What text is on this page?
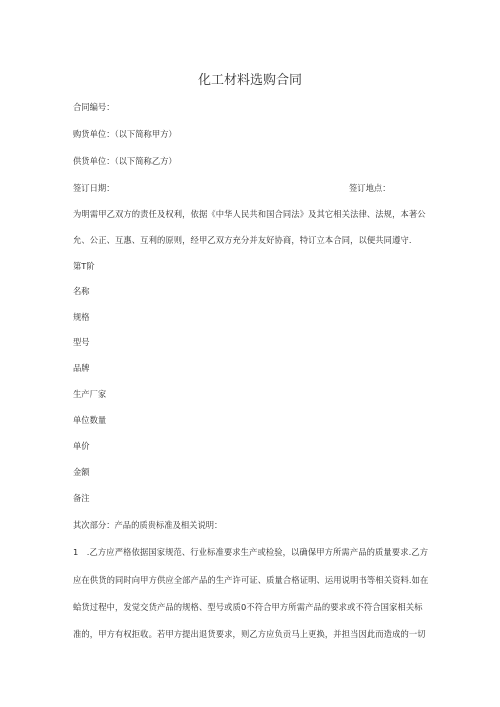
化工材料选购合同
合同编号：
购货单位：（以下简称甲方）
供货单位：（以下简称乙方）
签订日期：	签订地点：
为明需甲乙双方的责任及权利，依据《中华人民共和国合同法》及其它相关法律、法规，本著公
允、公正、互惠、互利的原则，经甲乙双方充分并友好协商，特订立本合同，以便共同遵守.
第T阶
名称
规格
型号
品牌
生产厂家
单位数量
单价
金额
备注
其次部分：产品的质贵标准及相关说明：
1　.乙方应严格依据国家规范、行业标准要求生产或检验，以确保甲方所需产品的质量要求.乙方
应在供货的同时向甲方供应全部产品的生产许可证、质量合格证明、运用说明书等相关资料.如在
蛤货过程中，发觉交货产品的规格、型号或质0不符合甲方所需产品的要求或不符合国家相关标
准的，甲方有权拒收。若甲方提出退货要求，则乙方应负贡马上更换，并担当因此而造成的一切
